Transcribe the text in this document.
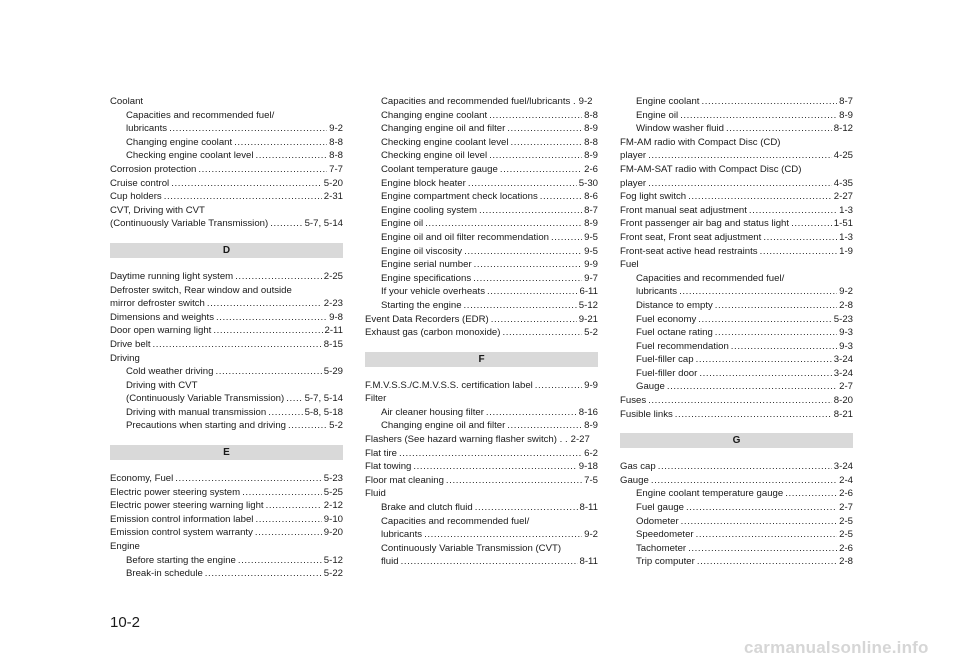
Coolant
Capacities and recommended fuel/
lubricants .....	9-2
Changing engine coolant .....	8-8
Checking engine coolant level .....	8-8
Corrosion protection .....	7-7
Cruise control .....	5-20
Cup holders .....	2-31
CVT, Driving with CVT
(Continuously Variable Transmission) .....	5-7, 5-14
D
Daytime running light system .....	2-25
Defroster switch, Rear window and outside
mirror defroster switch .....	2-23
Dimensions and weights .....	9-8
Door open warning light .....	2-11
Drive belt .....	8-15
Driving
Cold weather driving .....	5-29
Driving with CVT
(Continuously Variable Transmission) ..... 5-7, 5-14
Driving with manual transmission .....	5-8, 5-18
Precautions when starting and driving .....	5-2
E
Economy, Fuel .....	5-23
Electric power steering system .....	5-25
Electric power steering warning light .....	2-12
Emission control information label .....	9-10
Emission control system warranty .....	9-20
Engine
Before starting the engine .....	5-12
Break-in schedule .....	5-22
Capacities and recommended fuel/lubricants . 9-2
Changing engine coolant .....	8-8
Changing engine oil and filter .....	8-9
Checking engine coolant level .....	8-8
Checking engine oil level .....	8-9
Coolant temperature gauge .....	2-6
Engine block heater .....	5-30
Engine compartment check locations .....	8-6
Engine cooling system .....	8-7
Engine oil .....	8-9
Engine oil and oil filter recommendation .....	9-5
Engine oil viscosity .....	9-5
Engine serial number .....	9-9
Engine specifications .....	9-7
If your vehicle overheats .....	6-11
Starting the engine .....	5-12
Event Data Recorders (EDR) .....	9-21
Exhaust gas (carbon monoxide) .....	5-2
F
F.M.V.S.S./C.M.V.S.S. certification label .....	9-9
Filter
Air cleaner housing filter .....	8-16
Changing engine oil and filter .....	8-9
Flashers (See hazard warning flasher switch) . . 2-27
Flat tire .....	6-2
Flat towing .....	9-18
Floor mat cleaning .....	7-5
Fluid
Brake and clutch fluid .....	8-11
Capacities and recommended fuel/
lubricants .....	9-2
Continuously Variable Transmission (CVT)
fluid .....	8-11
Engine coolant .....	8-7
Engine oil .....	8-9
Window washer fluid .....	8-12
FM-AM radio with Compact Disc (CD)
player .....	4-25
FM-AM-SAT radio with Compact Disc (CD)
player .....	4-35
Fog light switch .....	2-27
Front manual seat adjustment .....	1-3
Front passenger air bag and status light .....	1-51
Front seat, Front seat adjustment .....	1-3
Front-seat active head restraints .....	1-9
Fuel
Capacities and recommended fuel/
lubricants .....	9-2
Distance to empty .....	2-8
Fuel economy .....	5-23
Fuel octane rating .....	9-3
Fuel recommendation .....	9-3
Fuel-filler cap .....	3-24
Fuel-filler door .....	3-24
Gauge .....	2-7
Fuses .....	8-20
Fusible links .....	8-21
G
Gas cap .....	3-24
Gauge .....	2-4
Engine coolant temperature gauge .....	2-6
Fuel gauge .....	2-7
Odometer .....	2-5
Speedometer .....	2-5
Tachometer .....	2-6
Trip computer .....	2-8
10-2
carmanualsonline.info
